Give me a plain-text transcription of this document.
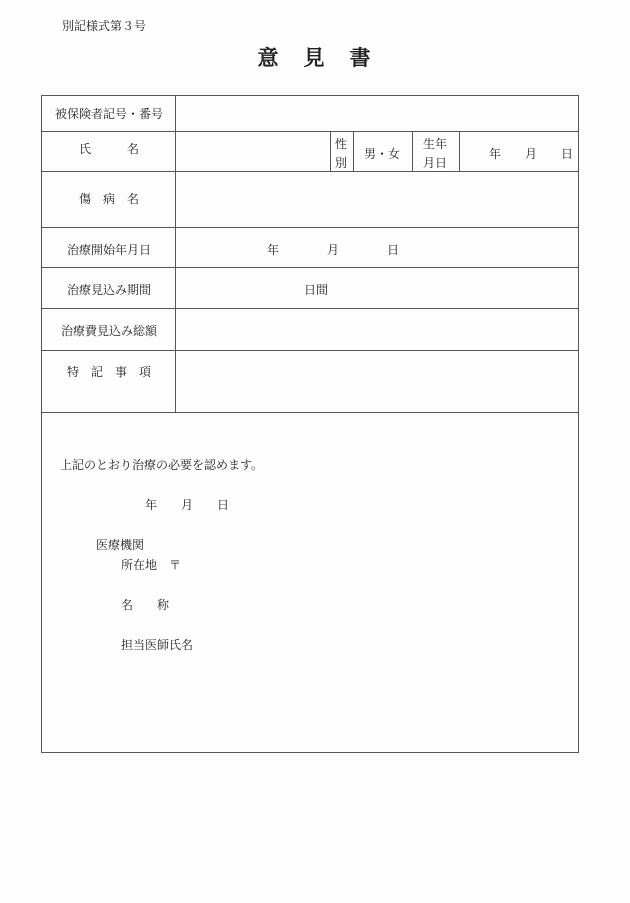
別記様式第３号
意　見　書
被保険者記号・番号
氏　　　名
傷　病　名
治療開始年月日
治療見込み期間
治療費見込み総額
特　記　事　項
性
別
男・女
生年
月日
年　　月　　日
年　　　　月　　　　日
日間
上記のとおり治療の必要を認めます。
年　　月　　日
医療機関
所在地　〒
名　　称
担当医師氏名
